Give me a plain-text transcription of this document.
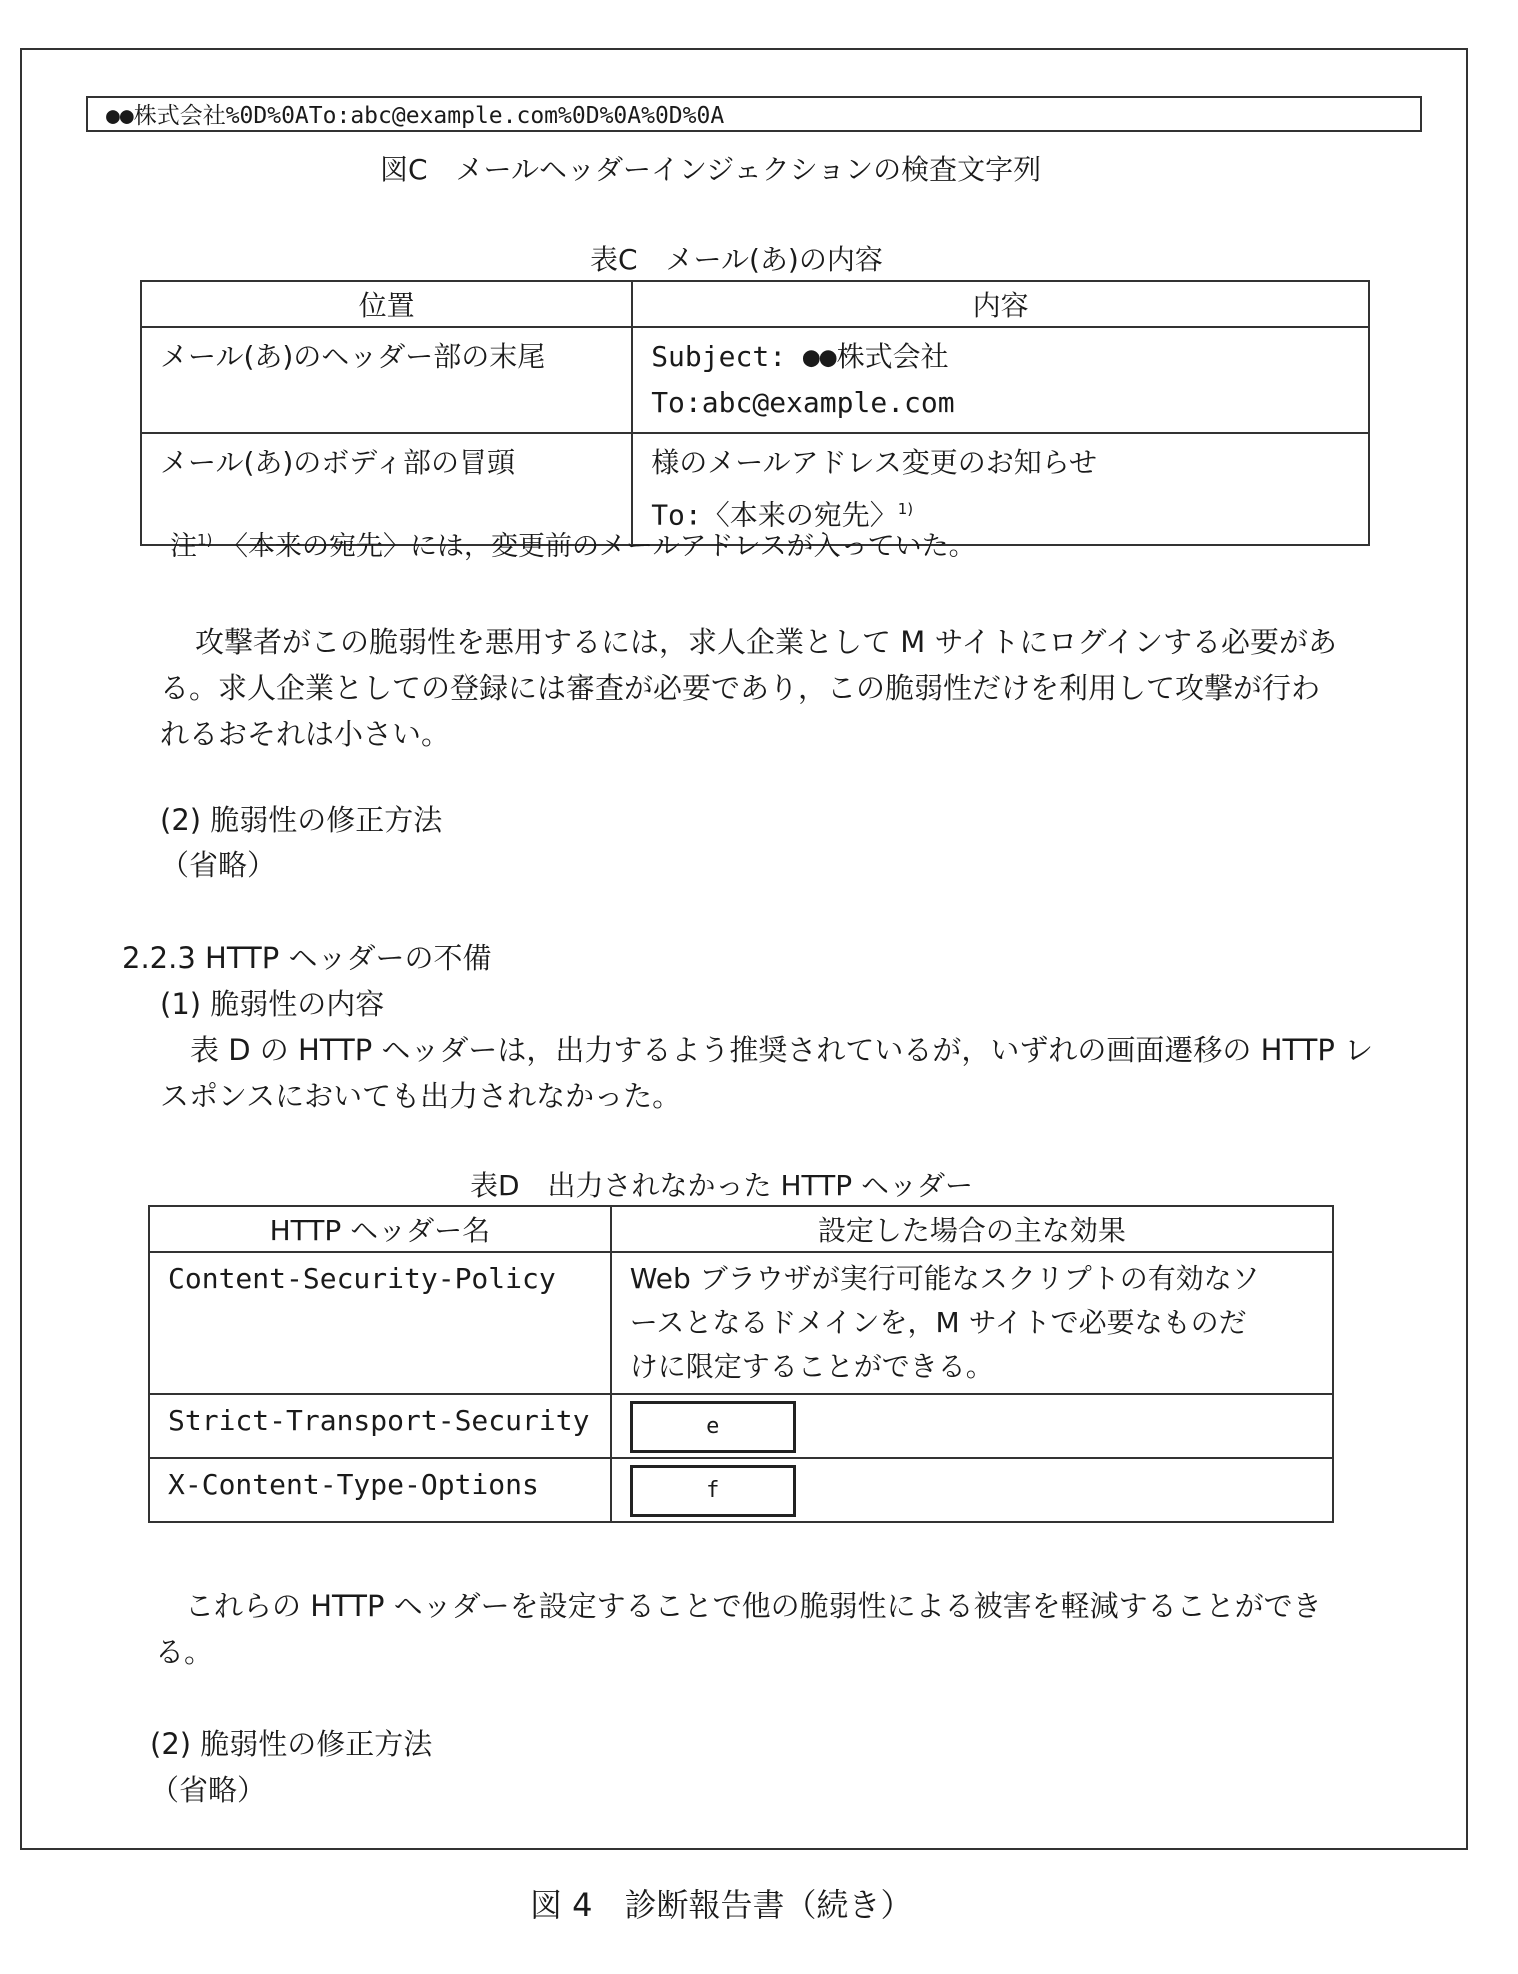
●●株式会社%0D%0ATo:abc@example.com%0D%0A%0D%0A
図C　メールヘッダーインジェクションの検査文字列
表C　メール(あ)の内容
位置	内容

メール(あ)のヘッダー部の末尾	Subject: ●●株式会社
To:abc@example.com

メール(あ)のボディ部の冒頭	様のメールアドレス変更のお知らせ
To:〈本来の宛先〉$^{1)}$
注$^{1)}$ 〈本来の宛先〉には，変更前のメールアドレスが入っていた。
攻撃者がこの脆弱性を悪用するには，求人企業として M サイトにログインする必要があ
る。求人企業としての登録には審査が必要であり，この脆弱性だけを利用して攻撃が行わ
れるおそれは小さい。
(2) 脆弱性の修正方法
（省略）
2.2.3 HTTP ヘッダーの不備
(1) 脆弱性の内容
表 D の HTTP ヘッダーは，出力するよう推奨されているが，いずれの画面遷移の HTTP レ
スポンスにおいても出力されなかった。
表D　出力されなかった HTTP ヘッダー
HTTP ヘッダー名	設定した場合の主な効果

Content-Security-Policy	Web ブラウザが実行可能なスクリプトの有効なソ
ースとなるドメインを，M サイトで必要なものだ
けに限定することができる。

Strict-Transport-Security	e

X-Content-Type-Options	f
これらの HTTP ヘッダーを設定することで他の脆弱性による被害を軽減することができ
る。
(2) 脆弱性の修正方法
（省略）
図 4　診断報告書（続き）
